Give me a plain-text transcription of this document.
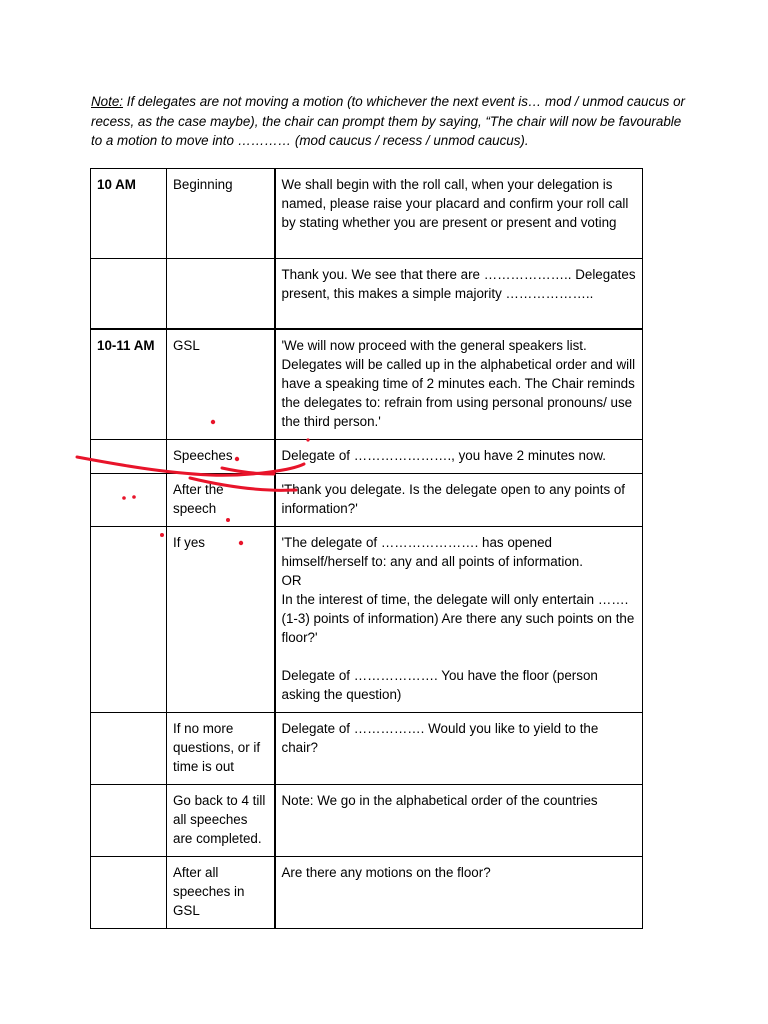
Note: If delegates are not moving a motion (to whichever the next event is… mod / unmod caucus or recess, as the case maybe), the chair can prompt them by saying, “The chair will now be favourable to a motion to move into ………… (mod caucus / recess / unmod caucus).
10 AM	Beginning	We shall begin with the roll call, when your delegation is named, please raise your placard and confirm your roll call by stating whether you are present or present and voting
		Thank you. We see that there are ……………….. Delegates present, this makes a simple majority ………………..
10-11 AM	GSL	'We will now proceed with the general speakers list. Delegates will be called up in the alphabetical order and will have a speaking time of 2 minutes each. The Chair reminds the delegates to: refrain from using personal pronouns/ use the third person.'
	Speeches	Delegate of …………………., you have 2 minutes now.
	After the speech	'Thank you delegate. Is the delegate open to any points of information?'
	If yes	'The delegate of …………………. has opened himself/herself to: any and all points of information.
OR
In the interest of time, the delegate will only entertain …….(1-3) points of information) Are there any such points on the floor?'

Delegate of ………………. You have the floor (person asking the question)
	If no more questions, or if time is out	Delegate of ……………. Would you like to yield to the chair?
	Go back to 4 till all speeches are completed.	Note: We go in the alphabetical order of the countries
	After all speeches in GSL	Are there any motions on the floor?
